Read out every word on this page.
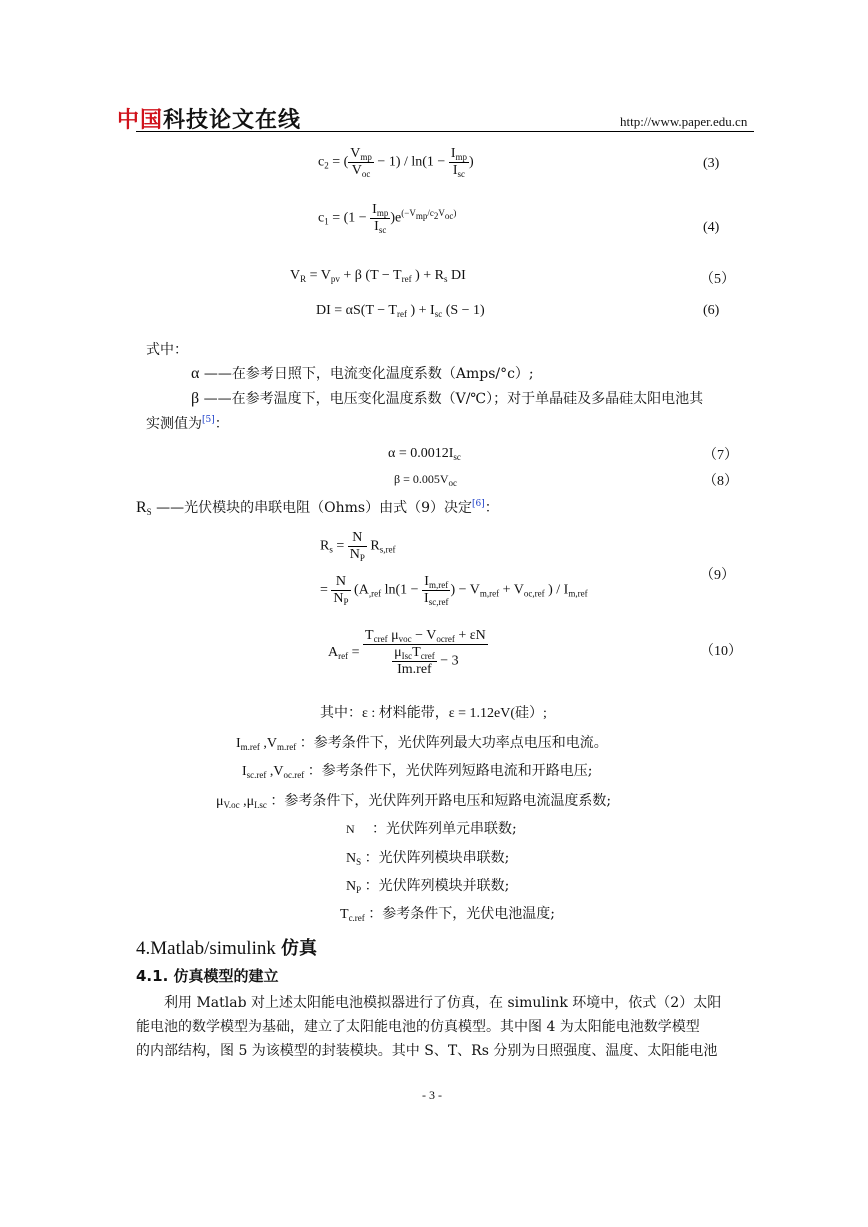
中国科技论文在线	http://www.paper.edu.cn
$c_2$ = ( $\frac{V_{mp}}{V_{oc}} - 1) / \ln(1 - \frac{I_{mp}}{I_{sc}}$ )	(3)
$c_1 = (1 - \frac{I_{mp}}{I_{sc}} )e^{(-V_{mp}/c_2V_{oc})}$
(4)
$V_R = V_{pv} + \beta$ ($T - T_{ref}$ ) + $R_s$ DI	（5）
DI = $\alpha S(T - T_{ref}$ ) + $I_{sc}$ (S − 1)	(6)
式中：
α ——在参考日照下，电流变化温度系数（Amps/°c）;
β ——在参考温度下，电压变化温度系数（V/℃）；对于单晶硅及多晶硅太阳电池其
实测值为[5]：
$\alpha = 0.0012I_{sc}$	（7）
$\beta = 0.005V_{oc}$	（8）
$R_S$ ——光伏模块的串联电阻（Ohms）由式（9）决定[6]：
$R_s = \frac{N}{N_P} R_{s,ref}$
= $\frac{N}{N_P} (A_{,ref}$ $\ln(1 - \frac{I_{m,ref}}{I_{sc,ref}}$ ) − $V_{m,ref} + V_{oc,ref}$ ) / $I_{m,ref}$
（9）
$A_{ref} = \frac{T_{cref} \mu_{voc} - V_{ocref} + \varepsilon N}{\frac{\mu_{Isc}T_{cref}}{\text{Im.ref}} - 3}$	（10）
其中：ε : 材料能带，ε = 1.12eV(硅）;
$I_{m.ref}$ $,V_{m.ref}$ ：参考条件下，光伏阵列最大功率点电压和电流。
$I_{sc.ref}$ $,V_{oc.ref}$ ：参考条件下，光伏阵列短路电流和开路电压;
$\mu_{V.oc}$ $,\mu_{I.sc}$ ：参考条件下，光伏阵列开路电压和短路电流温度系数;
N ：光伏阵列单元串联数;
$N_S$ ：光伏阵列模块串联数;
$N_P$ ：光伏阵列模块并联数;
$T_{c.ref}$ ：参考条件下，光伏电池温度;
4.Matlab/simulink 仿真
4.1. 仿真模型的建立
利用 Matlab 对上述太阳能电池模拟器进行了仿真，在 simulink 环境中，依式（2）太阳
能电池的数学模型为基础，建立了太阳能电池的仿真模型。其中图 4 为太阳能电池数学模型
的内部结构，图 5 为该模型的封装模块。其中 S、T、Rs 分别为日照强度、温度、太阳能电池
- 3 -
